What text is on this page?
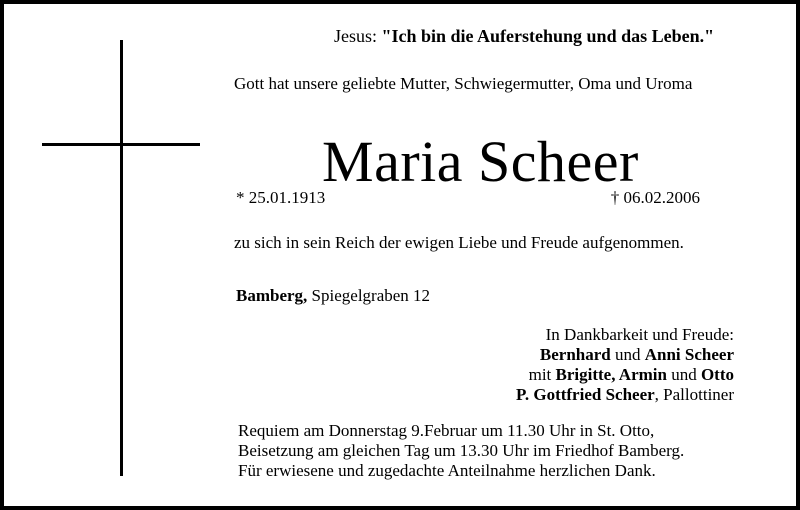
Jesus: "Ich bin die Auferstehung und das Leben."
Gott hat unsere geliebte Mutter, Schwiegermutter, Oma und Uroma
Maria Scheer
* 25.01.1913	† 06.02.2006
zu sich in sein Reich der ewigen Liebe und Freude aufgenommen.
Bamberg, Spiegelgraben 12
In Dankbarkeit und Freude:
Bernhard und Anni Scheer
mit Brigitte, Armin und Otto
P. Gottfried Scheer, Pallottiner
Requiem am Donnerstag 9.Februar um 11.30 Uhr in St. Otto,
Beisetzung am gleichen Tag um 13.30 Uhr im Friedhof Bamberg.
Für erwiesene und zugedachte Anteilnahme herzlichen Dank.
